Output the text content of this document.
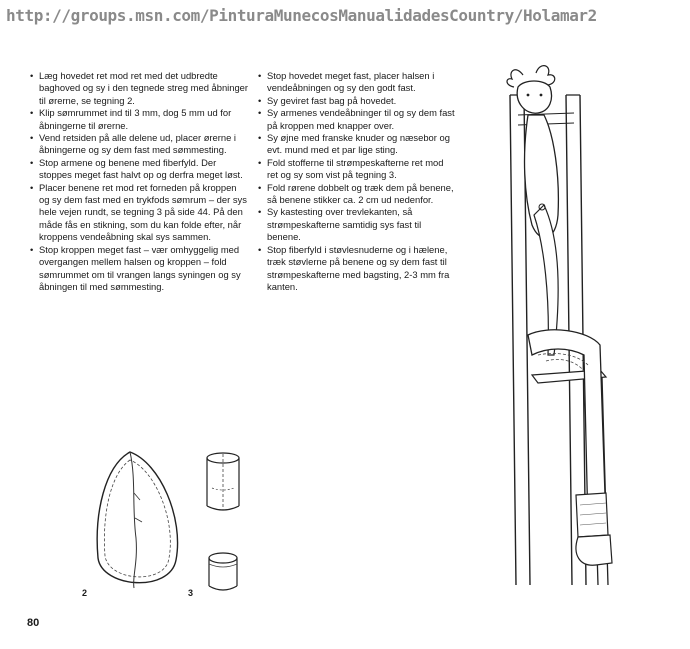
http://groups.msn.com/PinturaMunecosManualidadesCountry/Holamar2
• Læg hovedet ret mod ret med det udbredte baghoved og sy i den tegnede streg med åbninger til ørerne, se tegning 2.
• Klip sømrummet ind til 3 mm, dog 5 mm ud for åbningerne til ørerne.
• Vend retsiden på alle delene ud, placer ørerne i åbningerne og sy dem fast med sømmesting.
• Stop armene og benene med fiberfyld. Der stoppes meget fast halvt op og derfra meget løst.
• Placer benene ret mod ret forneden på kroppen og sy dem fast med en trykfods sømrum – der sys hele vejen rundt, se tegning 3 på side 44. På den måde fås en stikning, som du kan folde efter, når kroppens vendeåbning skal sys sammen.
• Stop kroppen meget fast – vær omhyggelig med overgangen mellem halsen og kroppen – fold sømrummet om til vrangen langs syningen og sy åbningen til med sømmesting.
• Stop hovedet meget fast, placer halsen i vendeåbningen og sy den godt fast.
• Sy geviret fast bag på hovedet.
• Sy armenes vendeåbninger til og sy dem fast på kroppen med knapper over.
• Sy øjne med franske knuder og næsebor og evt. mund med et par lige sting.
• Fold stofferne til strømpeskafterne ret mod ret og sy som vist på tegning 3.
• Fold rørene dobbelt og træk dem på benene, så benene stikker ca. 2 cm ud nedenfor.
• Sy kastesting over trevlekanten, så strømpeskafterne samtidig sys fast til benene.
• Stop fiberfyld i støvlesnuderne og i hælene, træk støvlerne på benene og sy dem fast til strømpeskafterne med bagsting, 2-3 mm fra kanten.
2	3
80
